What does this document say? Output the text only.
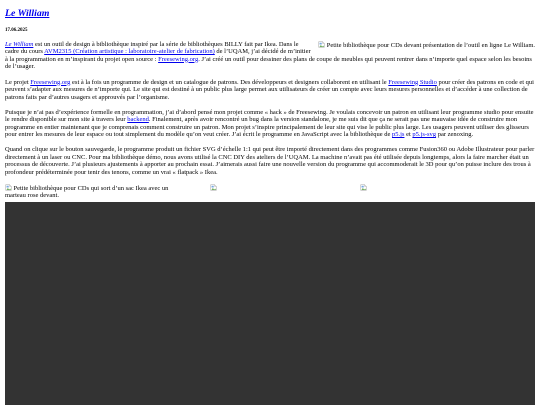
Le William
17.06.2025

Petite bibliothèque pour CDs devant présentation de l’outil en ligne Le William.
Le William est un outil de design à bibliothèque inspiré par la série de bibliothèques BILLY fait par Ikea. Dans le cadre du cours AVM2315 (Création artistique : laboratoire-atelier de fabrication) de l’UQAM, j’ai décidé de m’initier à la programmation en m’inspirant du projet open source : Freesewing.org. J’ai créé un outil pour dessiner des plans de coupe de meubles qui peuvent rentrer dans n’importe quel espace selon les besoins de l’usager.

Le projet Freesewing.org est à la fois un programme de design et un catalogue de patrons. Des développeurs et designers collaborent en utilisant le Freesewing Studio pour créer des patrons en code et qui peuvent s’adapter aux mesures de n’importe qui. Le site qui est destiné à un public plus large permet aux utilisateurs de créer un compte avec leurs mesures personnelles et d’accéder à une collection de patrons faits par d’autres usagers et approuvés par l’organisme.

Puisque je n’ai pas d’expérience formelle en programmation, j’ai d’abord pensé mon projet comme « hack » de Freesewing. Je voulais concevoir un patron en utilisant leur programme studio pour ensuite le rendre disponible sur mon site à travers leur backend. Finalement, après avoir rencontré un bug dans la version standalone, je me suis dit que ça ne serait pas une mauvaise idée de construire mon programme en entier maintenant que je comprenais comment construire un patron. Mon projet s’inspire principalement de leur site qui vise le public plus large. Les usagers peuvent utiliser des glisseurs pour entrer les mesures de leur espace ou tout simplement du modèle qu’on veut créer. J’ai écrit le programme en JavaScript avec la bibliothèque de p5.js et p5.js-svg par zenoxing.

Quand on clique sur le bouton sauvegarde, le programme produit un fichier SVG d’échelle 1:1 qui peut être importé directement dans des programmes comme Fusion360 ou Adobe Illustrateur pour parler directement à un laser ou CNC. Pour ma bibliothèque démo, nous avons utilisé la CNC DIY des ateliers de l’UQAM. La machine n’avait pas été utilisée depuis longtemps, alors la faire marcher était un processus de découverte. J’ai plusieurs ajustements à apporter au prochain essai. J’aimerais aussi faire une nouvelle version du programme qui accommoderait le 3D pour qu’on puisse inclure des trous à profondeur prédéterminée pour tenir des tenons, comme un vrai « flatpack » Ikea.

Petite bibliothèque pour CDs qui sort d’un sac Ikea avec un marteau rose devant.
